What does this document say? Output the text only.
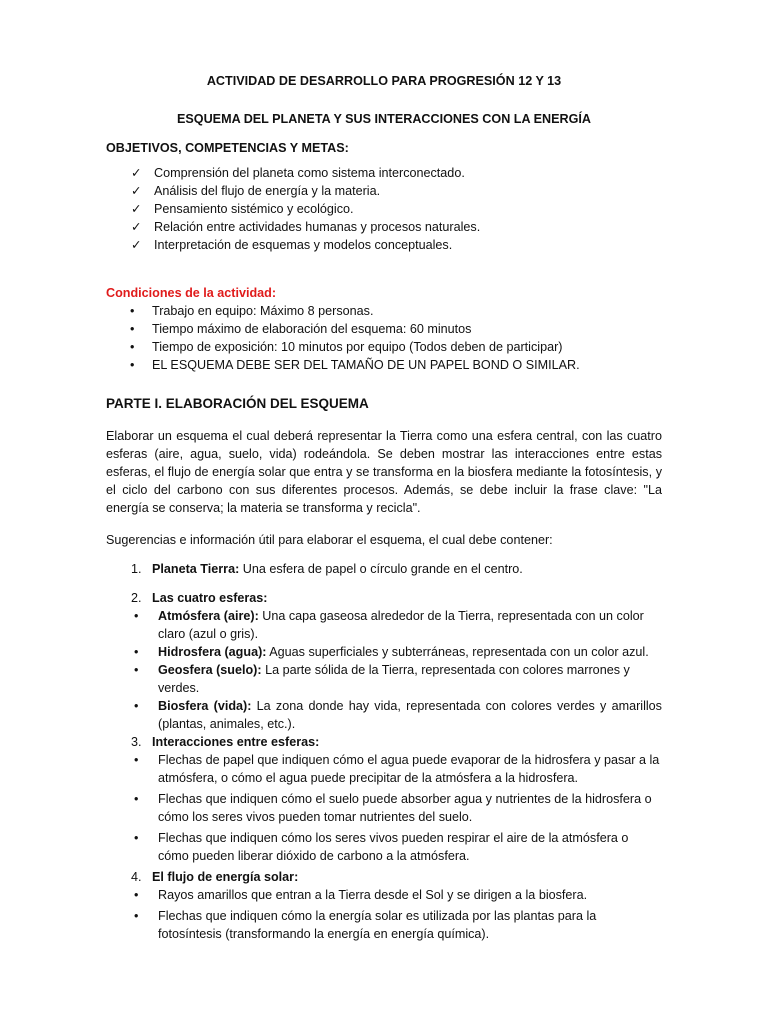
ACTIVIDAD DE DESARROLLO PARA PROGRESIÓN 12 Y 13

ESQUEMA DEL PLANETA Y SUS INTERACCIONES CON LA ENERGÍA

OBJETIVOS, COMPETENCIAS Y METAS:

✓ Comprensión del planeta como sistema interconectado.
✓ Análisis del flujo de energía y la materia.
✓ Pensamiento sistémico y ecológico.
✓ Relación entre actividades humanas y procesos naturales.
✓ Interpretación de esquemas y modelos conceptuales.

Condiciones de la actividad:

• Trabajo en equipo: Máximo 8 personas.
• Tiempo máximo de elaboración del esquema: 60 minutos
• Tiempo de exposición: 10 minutos por equipo (Todos deben de participar)
• EL ESQUEMA DEBE SER DEL TAMAÑO DE UN PAPEL BOND O SIMILAR.

PARTE I. ELABORACIÓN DEL ESQUEMA

Elaborar un esquema el cual deberá representar la Tierra como una esfera central, con las cuatro esferas (aire, agua, suelo, vida) rodeándola. Se deben mostrar las interacciones entre estas esferas, el flujo de energía solar que entra y se transforma en la biosfera mediante la fotosíntesis, y el ciclo del carbono con sus diferentes procesos. Además, se debe incluir la frase clave: "La energía se conserva; la materia se transforma y recicla".

Sugerencias e información útil para elaborar el esquema, el cual debe contener:

1. Planeta Tierra: Una esfera de papel o círculo grande en el centro.
2. Las cuatro esferas:
• Atmósfera (aire): Una capa gaseosa alrededor de la Tierra, representada con un color claro (azul o gris).
• Hidrosfera (agua): Aguas superficiales y subterráneas, representada con un color azul.
• Geosfera (suelo): La parte sólida de la Tierra, representada con colores marrones y verdes.
• Biosfera (vida): La zona donde hay vida, representada con colores verdes y amarillos (plantas, animales, etc.).
3. Interacciones entre esferas:
• Flechas de papel que indiquen cómo el agua puede evaporar de la hidrosfera y pasar a la atmósfera, o cómo el agua puede precipitar de la atmósfera a la hidrosfera.
• Flechas que indiquen cómo el suelo puede absorber agua y nutrientes de la hidrosfera o cómo los seres vivos pueden tomar nutrientes del suelo.
• Flechas que indiquen cómo los seres vivos pueden respirar el aire de la atmósfera o cómo pueden liberar dióxido de carbono a la atmósfera.
4. El flujo de energía solar:
• Rayos amarillos que entran a la Tierra desde el Sol y se dirigen a la biosfera.
• Flechas que indiquen cómo la energía solar es utilizada por las plantas para la fotosíntesis (transformando la energía en energía química).
